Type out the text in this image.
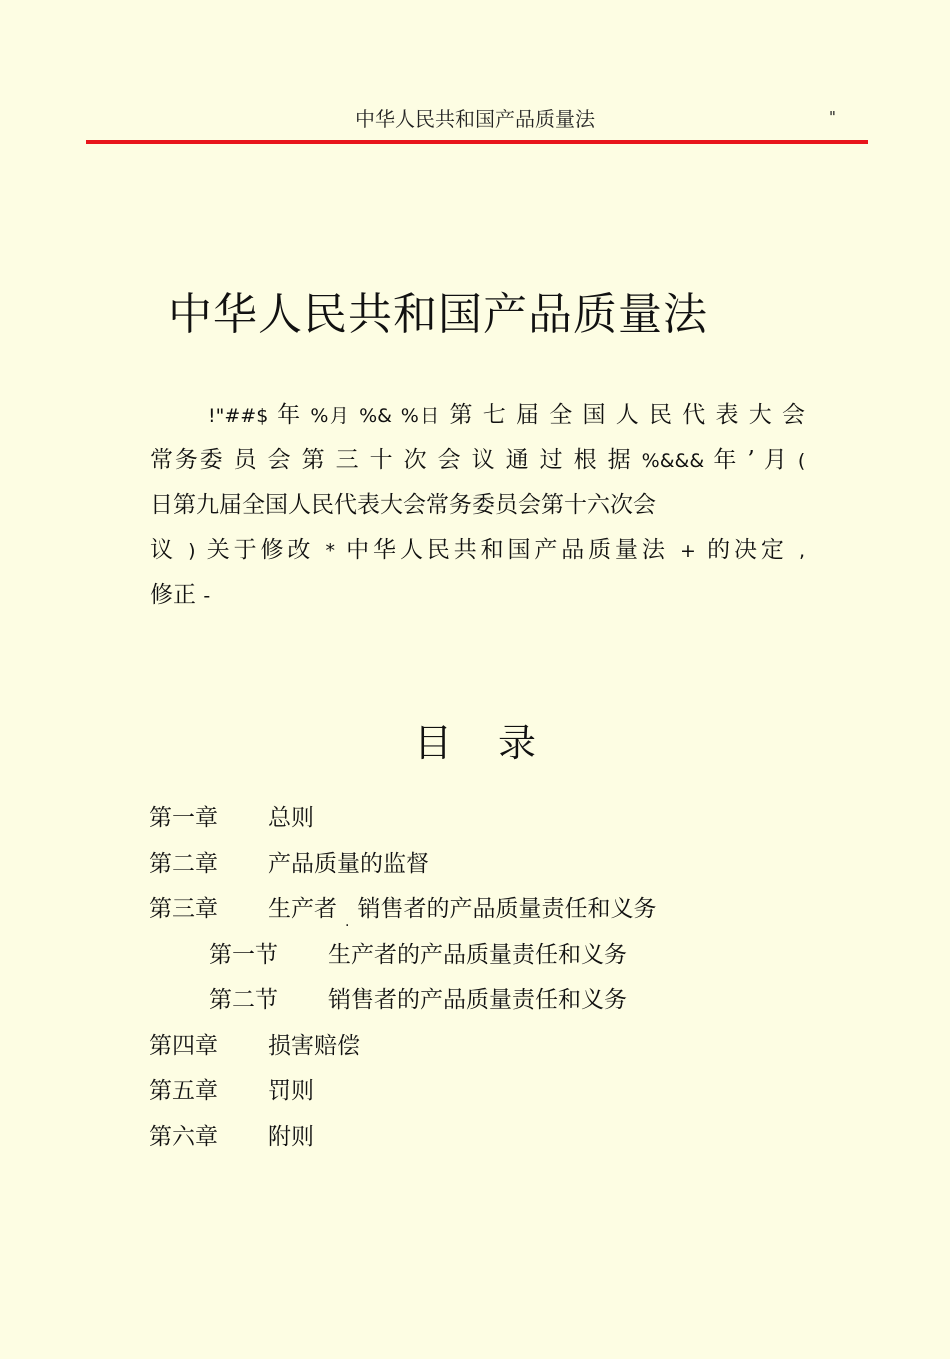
中华人民共和国产品质量法	"
中华人民共和国产品质量法
!"##$ 年 %月 %& %日 第 七 届 全 国 人 民 代 表 大 会
常务委 员 会 第 三 十 次 会 议 通 过 根 据 %&&& 年 ’ 月 (
日第九届全国人民代表大会常务委员会第十六次会
议 ) 关于修改 * 中华人民共和国产品质量法 + 的决定 ,
修正 -
目录
第一章 总则
第二章 产品质量的监督
第三章 生产者 $_.$ 销售者的产品质量责任和义务
第一节 生产者的产品质量责任和义务
第二节 销售者的产品质量责任和义务
第四章 损害赔偿
第五章 罚则
第六章 附则
